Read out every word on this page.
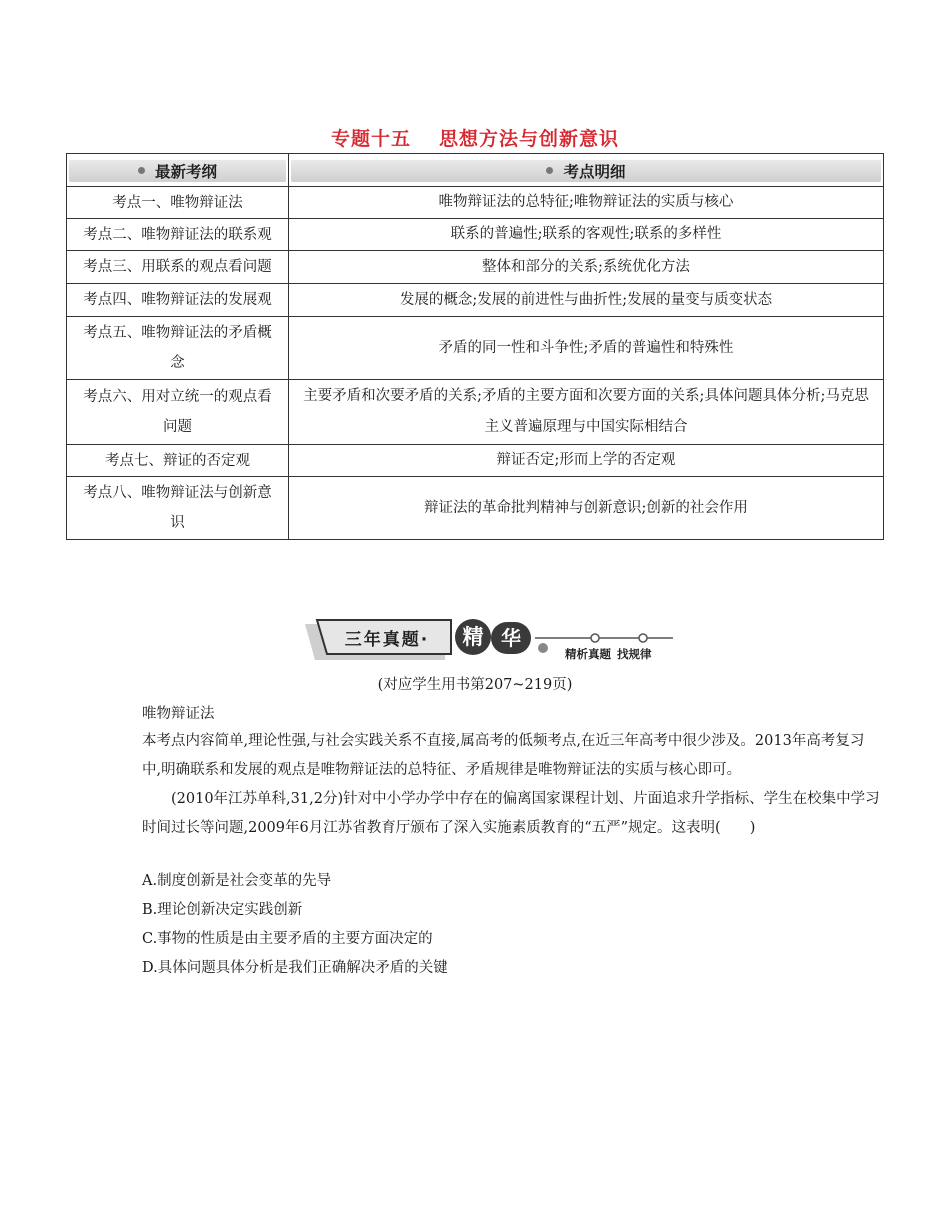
专题十五 思想方法与创新意识
最新考纲	考点明细

考点一、唯物辩证法	唯物辩证法的总特征;唯物辩证法的实质与核心
考点二、唯物辩证法的联系观	联系的普遍性;联系的客观性;联系的多样性
考点三、用联系的观点看问题	整体和部分的关系;系统优化方法
考点四、唯物辩证法的发展观	发展的概念;发展的前进性与曲折性;发展的量变与质变状态
考点五、唯物辩证法的矛盾概念	矛盾的同一性和斗争性;矛盾的普遍性和特殊性
考点六、用对立统一的观点看问题	主要矛盾和次要矛盾的关系;矛盾的主要方面和次要方面的关系;具体问题具体分析;马克思主义普遍原理与中国实际相结合
考点七、辩证的否定观	辩证否定;形而上学的否定观
考点八、唯物辩证法与创新意识	辩证法的革命批判精神与创新意识;创新的社会作用
三年真题·	精 华
精析真题 找规律

(对应学生用书第207~219页)

唯物辩证法

本考点内容简单,理论性强,与社会实践关系不直接,属高考的低频考点,在近三年高考中很少涉及。2013年高考复习中,明确联系和发展的观点是唯物辩证法的总特征、矛盾规律是唯物辩证法的实质与核心即可。

(2010年江苏单科,31,2分)针对中小学办学中存在的偏离国家课程计划、片面追求升学指标、学生在校集中学习时间过长等问题,2009年6月江苏省教育厅颁布了深入实施素质教育的“五严”规定。这表明(　　)

A.制度创新是社会变革的先导

B.理论创新决定实践创新

C.事物的性质是由主要矛盾的主要方面决定的

D.具体问题具体分析是我们正确解决矛盾的关键
